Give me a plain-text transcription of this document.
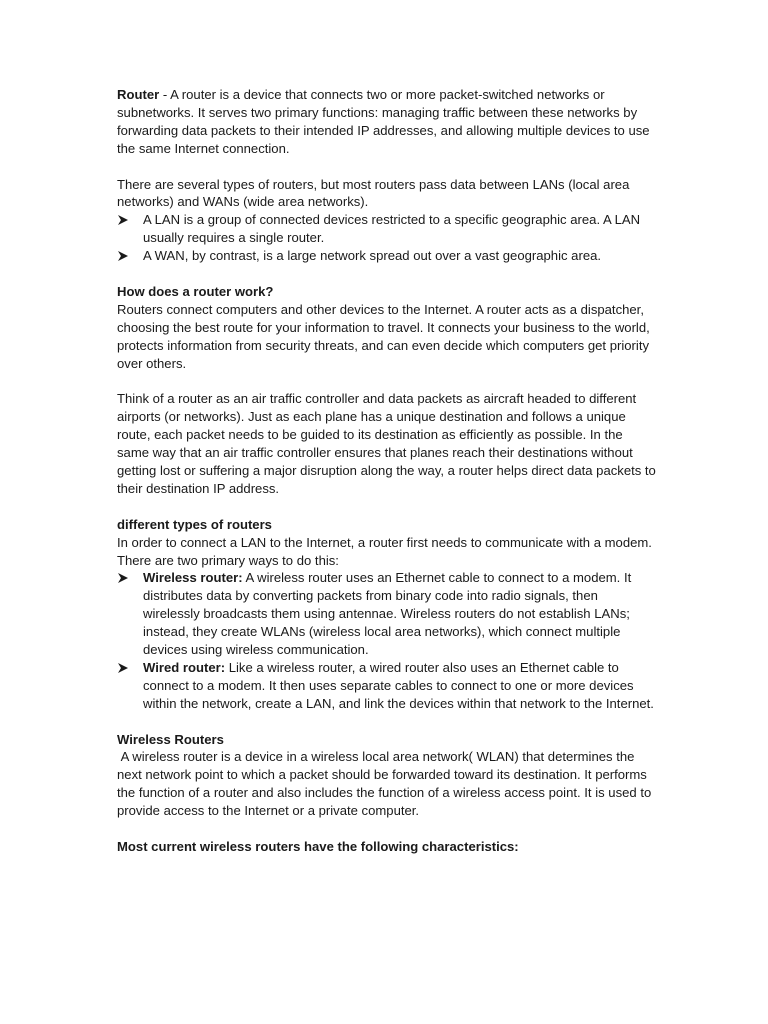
Router - A router is a device that connects two or more packet-switched networks or subnetworks. It serves two primary functions: managing traffic between these networks by forwarding data packets to their intended IP addresses, and allowing multiple devices to use the same Internet connection.

There are several types of routers, but most routers pass data between LANs (local area networks) and WANs (wide area networks).

A LAN is a group of connected devices restricted to a specific geographic area. A LAN usually requires a single router.
A WAN, by contrast, is a large network spread out over a vast geographic area.

How does a router work?

Routers connect computers and other devices to the Internet. A router acts as a dispatcher, choosing the best route for your information to travel. It connects your business to the world, protects information from security threats, and can even decide which computers get priority over others.

Think of a router as an air traffic controller and data packets as aircraft headed to different airports (or networks). Just as each plane has a unique destination and follows a unique route, each packet needs to be guided to its destination as efficiently as possible. In the same way that an air traffic controller ensures that planes reach their destinations without getting lost or suffering a major disruption along the way, a router helps direct data packets to their destination IP address.

different types of routers

In order to connect a LAN to the Internet, a router first needs to communicate with a modem. There are two primary ways to do this:

Wireless router: A wireless router uses an Ethernet cable to connect to a modem. It distributes data by converting packets from binary code into radio signals, then wirelessly broadcasts them using antennae. Wireless routers do not establish LANs; instead, they create WLANs (wireless local area networks), which connect multiple devices using wireless communication.
Wired router: Like a wireless router, a wired router also uses an Ethernet cable to connect to a modem. It then uses separate cables to connect to one or more devices within the network, create a LAN, and link the devices within that network to the Internet.

Wireless Routers

A wireless router is a device in a wireless local area network( WLAN) that determines the next network point to which a packet should be forwarded toward its destination. It performs the function of a router and also includes the function of a wireless access point. It is used to provide access to the Internet or a private computer.

Most current wireless routers have the following characteristics:
